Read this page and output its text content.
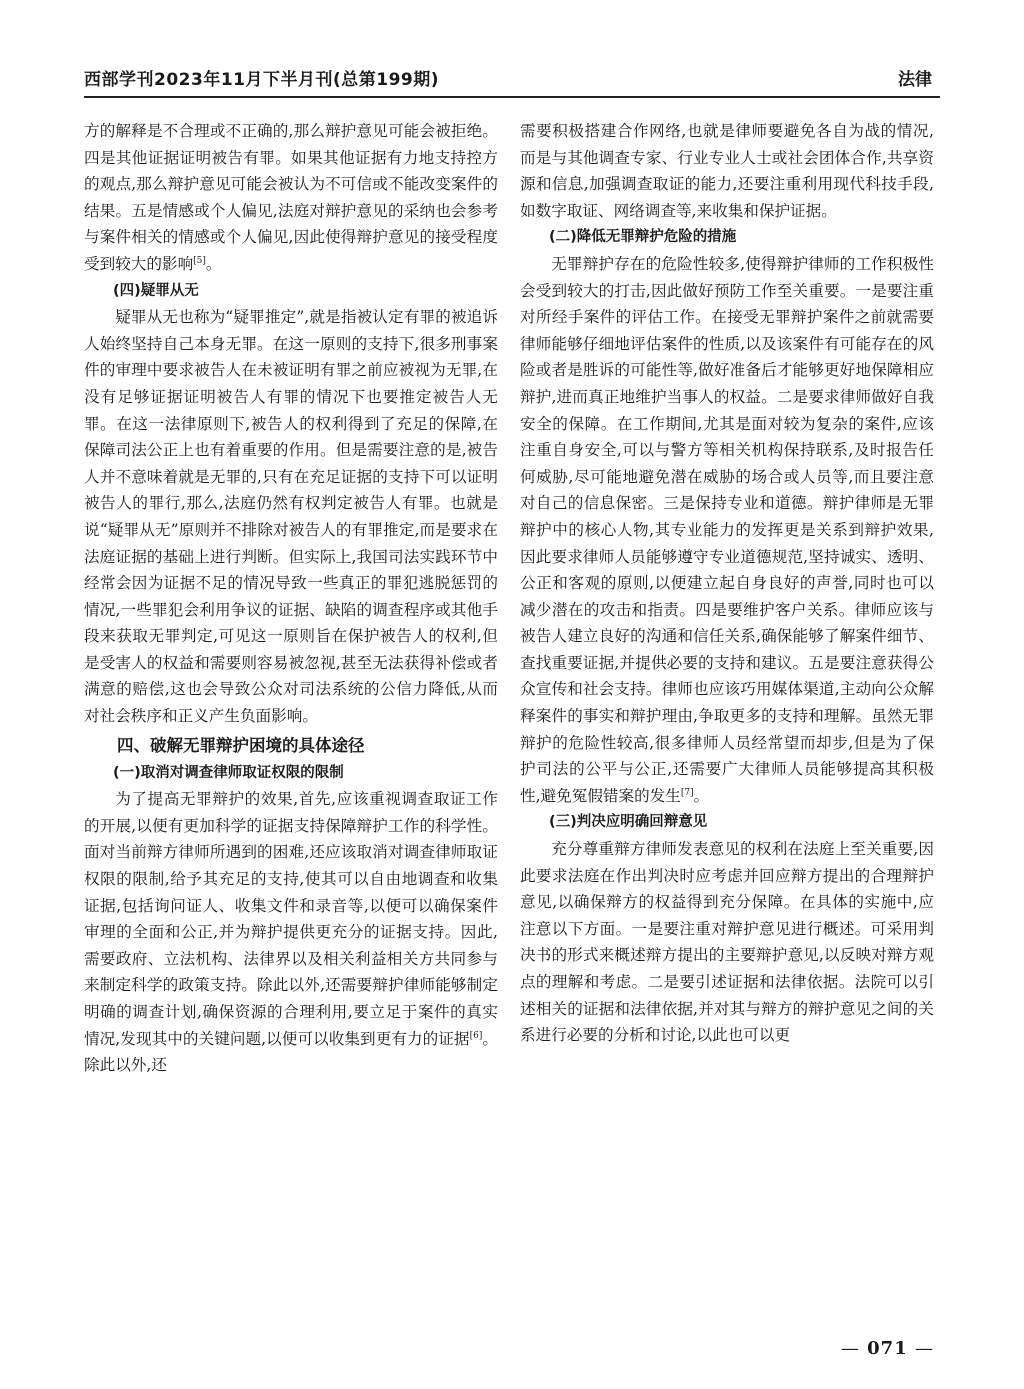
西部学刊2023年11月下半月刊(总第199期)	法律

方的解释是不合理或不正确的,那么辩护意见可能会被拒绝。四是其他证据证明被告有罪。如果其他证据有力地支持控方的观点,那么辩护意见可能会被认为不可信或不能改变案件的结果。五是情感或个人偏见,法庭对辩护意见的采纳也会参考与案件相关的情感或个人偏见,因此使得辩护意见的接受程度受到较大的影响[5]。

(四)疑罪从无

疑罪从无也称为“疑罪推定”,就是指被认定有罪的被追诉人始终坚持自己本身无罪。在这一原则的支持下,很多刑事案件的审理中要求被告人在未被证明有罪之前应被视为无罪,在没有足够证据证明被告人有罪的情况下也要推定被告人无罪。在这一法律原则下,被告人的权利得到了充足的保障,在保障司法公正上也有着重要的作用。但是需要注意的是,被告人并不意味着就是无罪的,只有在充足证据的支持下可以证明被告人的罪行,那么,法庭仍然有权判定被告人有罪。也就是说“疑罪从无”原则并不排除对被告人的有罪推定,而是要求在法庭证据的基础上进行判断。但实际上,我国司法实践环节中经常会因为证据不足的情况导致一些真正的罪犯逃脱惩罚的情况,一些罪犯会利用争议的证据、缺陷的调查程序或其他手段来获取无罪判定,可见这一原则旨在保护被告人的权利,但是受害人的权益和需要则容易被忽视,甚至无法获得补偿或者满意的赔偿,这也会导致公众对司法系统的公信力降低,从而对社会秩序和正义产生负面影响。

四、破解无罪辩护困境的具体途径

(一)取消对调查律师取证权限的限制

为了提高无罪辩护的效果,首先,应该重视调查取证工作的开展,以便有更加科学的证据支持保障辩护工作的科学性。面对当前辩方律师所遇到的困难,还应该取消对调查律师取证权限的限制,给予其充足的支持,使其可以自由地调查和收集证据,包括询问证人、收集文件和录音等,以便可以确保案件审理的全面和公正,并为辩护提供更充分的证据支持。因此,需要政府、立法机构、法律界以及相关利益相关方共同参与来制定科学的政策支持。除此以外,还需要辩护律师能够制定明确的调查计划,确保资源的合理利用,要立足于案件的真实情况,发现其中的关键问题,以便可以收集到更有力的证据[6]。除此以外,还

需要积极搭建合作网络,也就是律师要避免各自为战的情况,而是与其他调查专家、行业专业人士或社会团体合作,共享资源和信息,加强调查取证的能力,还要注重利用现代科技手段,如数字取证、网络调查等,来收集和保护证据。

(二)降低无罪辩护危险的措施

无罪辩护存在的危险性较多,使得辩护律师的工作积极性会受到较大的打击,因此做好预防工作至关重要。一是要注重对所经手案件的评估工作。在接受无罪辩护案件之前就需要律师能够仔细地评估案件的性质,以及该案件有可能存在的风险或者是胜诉的可能性等,做好准备后才能够更好地保障相应辩护,进而真正地维护当事人的权益。二是要求律师做好自我安全的保障。在工作期间,尤其是面对较为复杂的案件,应该注重自身安全,可以与警方等相关机构保持联系,及时报告任何威胁,尽可能地避免潜在威胁的场合或人员等,而且要注意对自己的信息保密。三是保持专业和道德。辩护律师是无罪辩护中的核心人物,其专业能力的发挥更是关系到辩护效果,因此要求律师人员能够遵守专业道德规范,坚持诚实、透明、公正和客观的原则,以便建立起自身良好的声誉,同时也可以减少潜在的攻击和指责。四是要维护客户关系。律师应该与被告人建立良好的沟通和信任关系,确保能够了解案件细节、查找重要证据,并提供必要的支持和建议。五是要注意获得公众宣传和社会支持。律师也应该巧用媒体渠道,主动向公众解释案件的事实和辩护理由,争取更多的支持和理解。虽然无罪辩护的危险性较高,很多律师人员经常望而却步,但是为了保护司法的公平与公正,还需要广大律师人员能够提高其积极性,避免冤假错案的发生[7]。

(三)判决应明确回辩意见

充分尊重辩方律师发表意见的权利在法庭上至关重要,因此要求法庭在作出判决时应考虑并回应辩方提出的合理辩护意见,以确保辩方的权益得到充分保障。在具体的实施中,应注意以下方面。一是要注重对辩护意见进行概述。可采用判决书的形式来概述辩方提出的主要辩护意见,以反映对辩方观点的理解和考虑。二是要引述证据和法律依据。法院可以引述相关的证据和法律依据,并对其与辩方的辩护意见之间的关系进行必要的分析和讨论,以此也可以更

— 071 —
